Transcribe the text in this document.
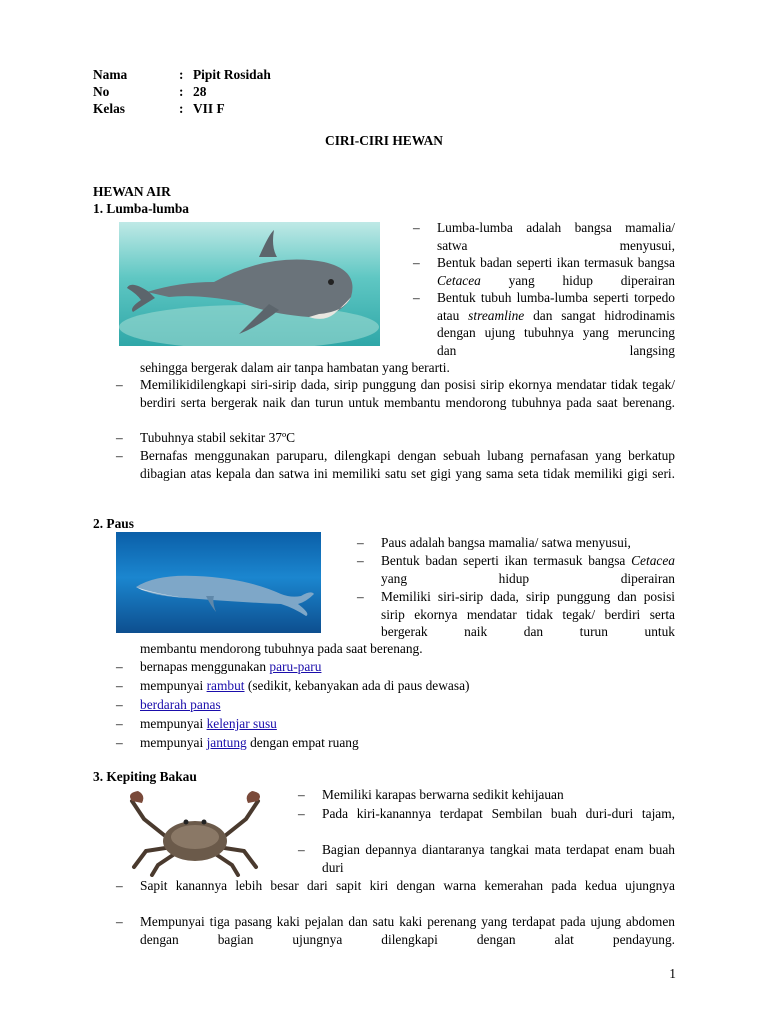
Nama	: Pipit Rosidah
No	: 28
Kelas	: VII F
CIRI-CIRI HEWAN
HEWAN AIR
1. Lumba-lumba
–	Lumba-lumba adalah bangsa mamalia/ satwa menyusui,
–	Bentuk badan seperti ikan termasuk bangsa Cetacea yang hidup diperairan
–	Bentuk tubuh lumba-lumba seperti torpedo atau streamline dan sangat hidrodinamis dengan ujung tubuhnya yang meruncing dan langsing
sehingga bergerak dalam air tanpa hambatan yang berarti.
–	Memilikidilengkapi siri-sirip dada, sirip punggung dan posisi sirip ekornya mendatar tidak tegak/ berdiri serta bergerak naik dan turun untuk membantu mendorong tubuhnya pada saat berenang.
–	Tubuhnya stabil sekitar 37ºC
–	Bernafas menggunakan paruparu, dilengkapi dengan sebuah lubang pernafasan yang berkatup dibagian atas kepala dan satwa ini memiliki satu set gigi yang sama seta tidak memiliki gigi seri.
2. Paus
–	Paus adalah bangsa mamalia/ satwa menyusui,
–	Bentuk badan seperti ikan termasuk bangsa Cetacea yang hidup diperairan
–	Memiliki siri-sirip dada, sirip punggung dan posisi sirip ekornya mendatar tidak tegak/ berdiri serta bergerak naik dan turun untuk
membantu mendorong tubuhnya pada saat berenang.
–	bernapas menggunakan paru-paru
–	mempunyai rambut (sedikit, kebanyakan ada di paus dewasa)
–	berdarah panas
–	mempunyai kelenjar susu
–	mempunyai jantung dengan empat ruang
3. Kepiting Bakau
–	Memiliki karapas berwarna sedikit kehijauan
–	Pada kiri-kanannya terdapat Sembilan buah duri-duri tajam,
–	Bagian depannya diantaranya tangkai mata terdapat enam buah duri
–	Sapit kanannya lebih besar dari sapit kiri dengan warna kemerahan pada kedua ujungnya
–	Mempunyai tiga pasang kaki pejalan dan satu kaki perenang yang terdapat pada ujung abdomen dengan bagian ujungnya dilengkapi dengan alat pendayung.
1
